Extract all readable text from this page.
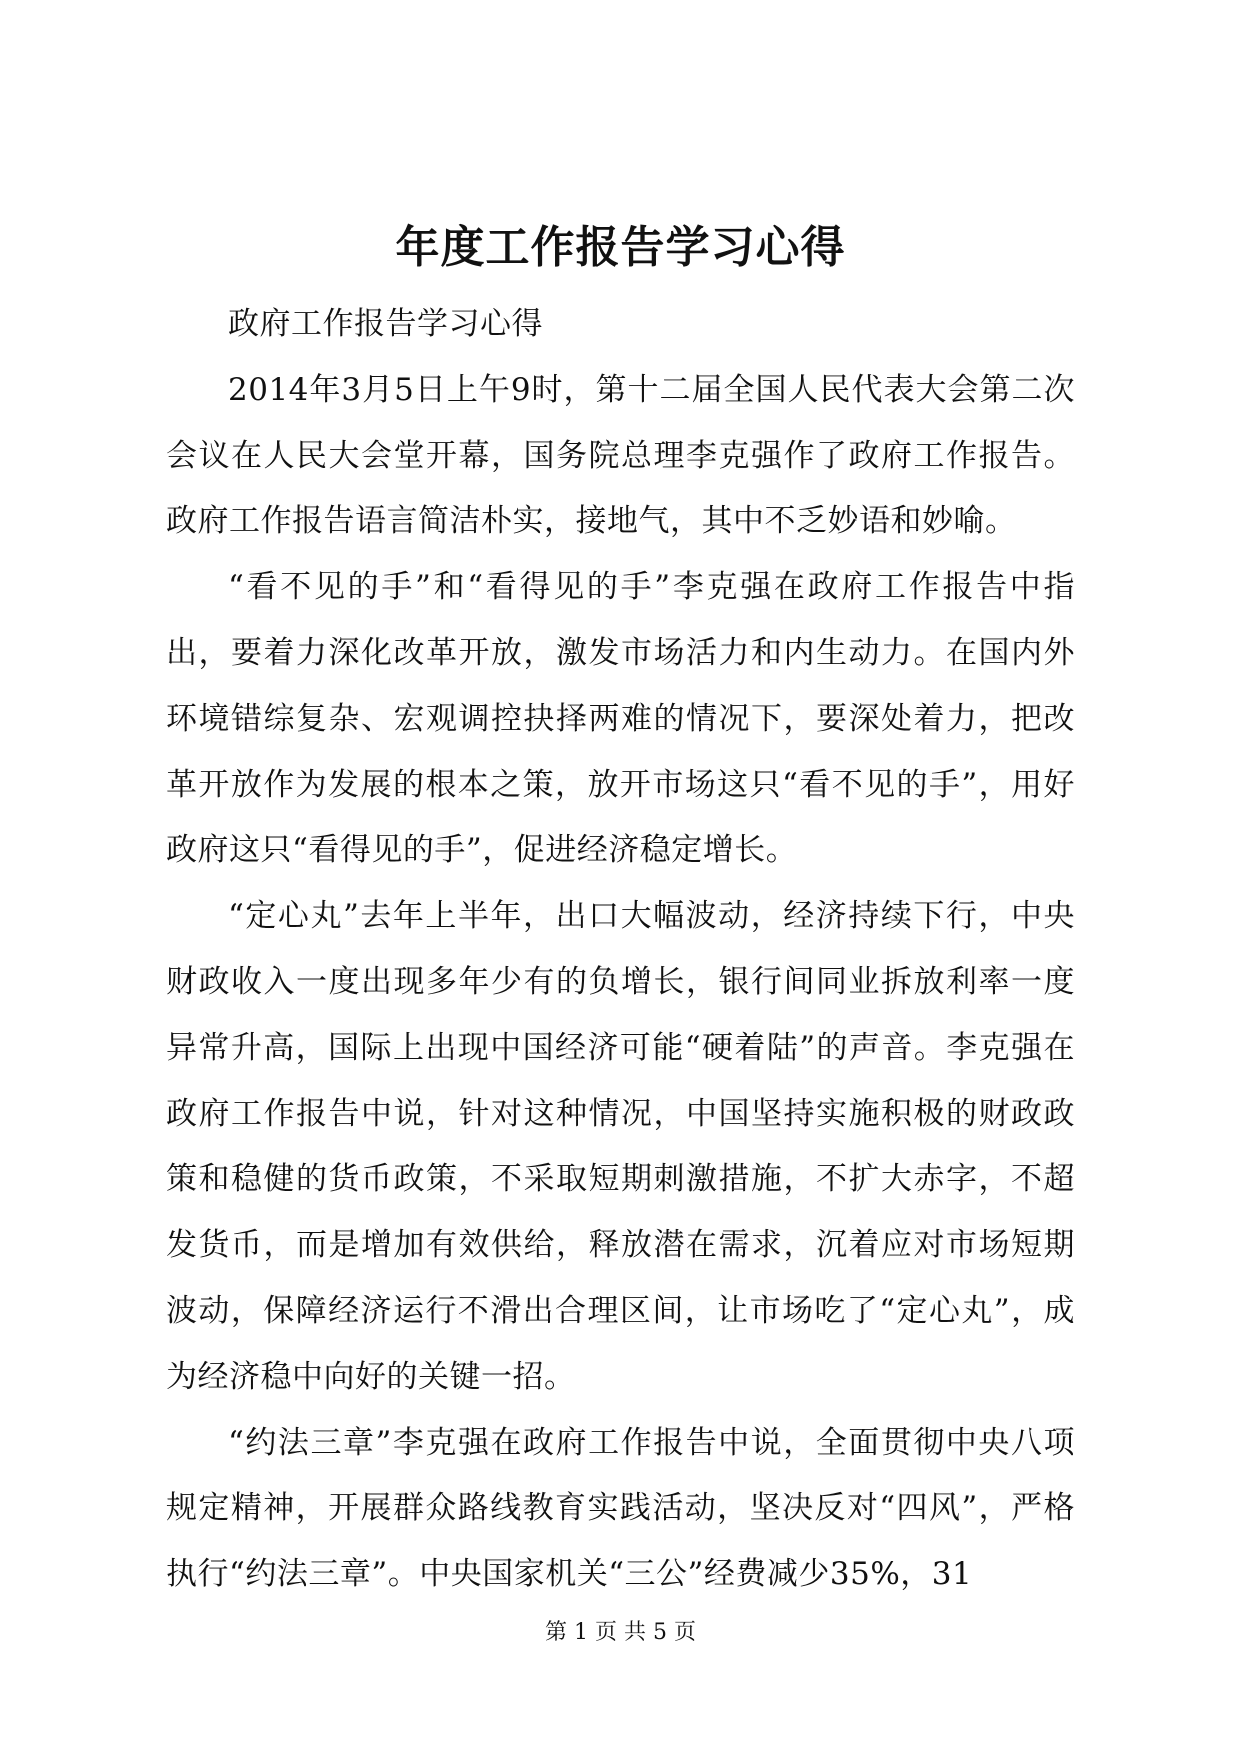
年度工作报告学习心得

政府工作报告学习心得

2014年3月5日上午9时，第十二届全国人民代表大会第二次会议在人民大会堂开幕，国务院总理李克强作了政府工作报告。政府工作报告语言简洁朴实，接地气，其中不乏妙语和妙喻。

“看不见的手”和“看得见的手”李克强在政府工作报告中指出，要着力深化改革开放，激发市场活力和内生动力。在国内外环境错综复杂、宏观调控抉择两难的情况下，要深处着力，把改革开放作为发展的根本之策，放开市场这只“看不见的手”，用好政府这只“看得见的手”，促进经济稳定增长。

“定心丸”去年上半年，出口大幅波动，经济持续下行，中央财政收入一度出现多年少有的负增长，银行间同业拆放利率一度异常升高，国际上出现中国经济可能“硬着陆”的声音。李克强在政府工作报告中说，针对这种情况，中国坚持实施积极的财政政策和稳健的货币政策，不采取短期刺激措施，不扩大赤字，不超发货币，而是增加有效供给，释放潜在需求，沉着应对市场短期波动，保障经济运行不滑出合理区间，让市场吃了“定心丸”，成为经济稳中向好的关键一招。

“约法三章”李克强在政府工作报告中说，全面贯彻中央八项规定精神，开展群众路线教育实践活动，坚决反对“四风”，严格执行“约法三章”。中央国家机关“三公”经费减少35%，31

第 1 页 共 5 页
